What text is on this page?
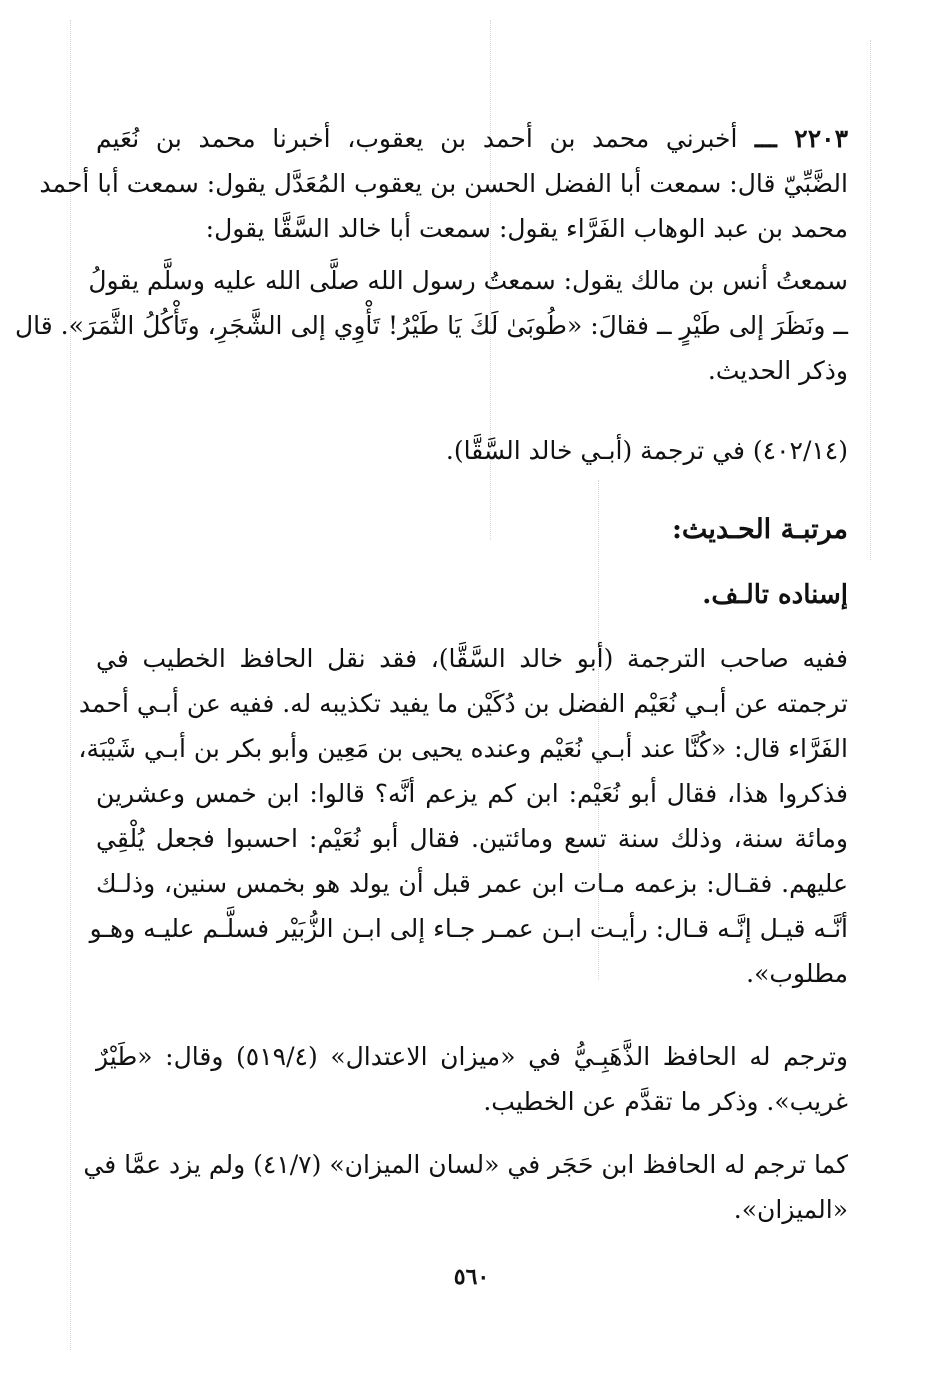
٢٢٠٣ ـــ أخبرني محمد بن أحمد بن يعقوب، أخبرنا محمد بن نُعَيم
الضَّبِّيّ قال: سمعت أبا الفضل الحسن بن يعقوب المُعَدَّل يقول: سمعت أبا أحمد
محمد بن عبد الوهاب الفَرَّاء يقول: سمعت أبا خالد السَّقَّا يقول:
سمعتُ أنس بن مالك يقول: سمعتُ رسول الله صلَّى الله عليه وسلَّم يقولُ
ــ ونَظَرَ إلى طَيْرٍ ــ فقالَ: «طُوبَىٰ لَكَ يَا طَيْرُ! تَأْوِي إلى الشَّجَرِ، وتَأْكُلُ الثَّمَرَ». قال
وذكر الحديث.
(٤٠٢/١٤) في ترجمة (أبـي خالد السَّقَّا).
مرتبـة الحـديث:
إسناده تالـف.
ففيه صاحب الترجمة (أبو خالد السَّقَّا)، فقد نقل الحافظ الخطيب في
ترجمته عن أبـي نُعَيْم الفضل بن دُكَيْن ما يفيد تكذيبه له. ففيه عن أبـي أحمد
الفَرَّاء قال: «كُنَّا عند أبـي نُعَيْم وعنده يحيى بن مَعِين وأبو بكر بن أبـي شَيْبَة،
فذكروا هذا، فقال أبو نُعَيْم: ابن كم يزعم أنَّه؟ قالوا: ابن خمس وعشرين
ومائة سنة، وذلك سنة تسع ومائتين. فقال أبو نُعَيْم: احسبوا فجعل يُلْقِي
عليهم. فقـال: بزعمه مـات ابن عمر قبل أن يولد هو بخمس سنين، وذلـك
أنَّـه قيـل إنَّـه قـال: رأيـت ابـن عمـر جـاء إلى ابـن الزُّبَيْر فسلَّـم عليـه وهـو
مطلوب».
وترجم له الحافظ الذَّهَبِـيُّ في «ميزان الاعتدال» (٥١٩/٤) وقال: «طَيْرٌ
غريب». وذكر ما تقدَّم عن الخطيب.
كما ترجم له الحافظ ابن حَجَر في «لسان الميزان» (٤١/٧) ولم يزد عمَّا في
«الميزان».
٥٦٠
